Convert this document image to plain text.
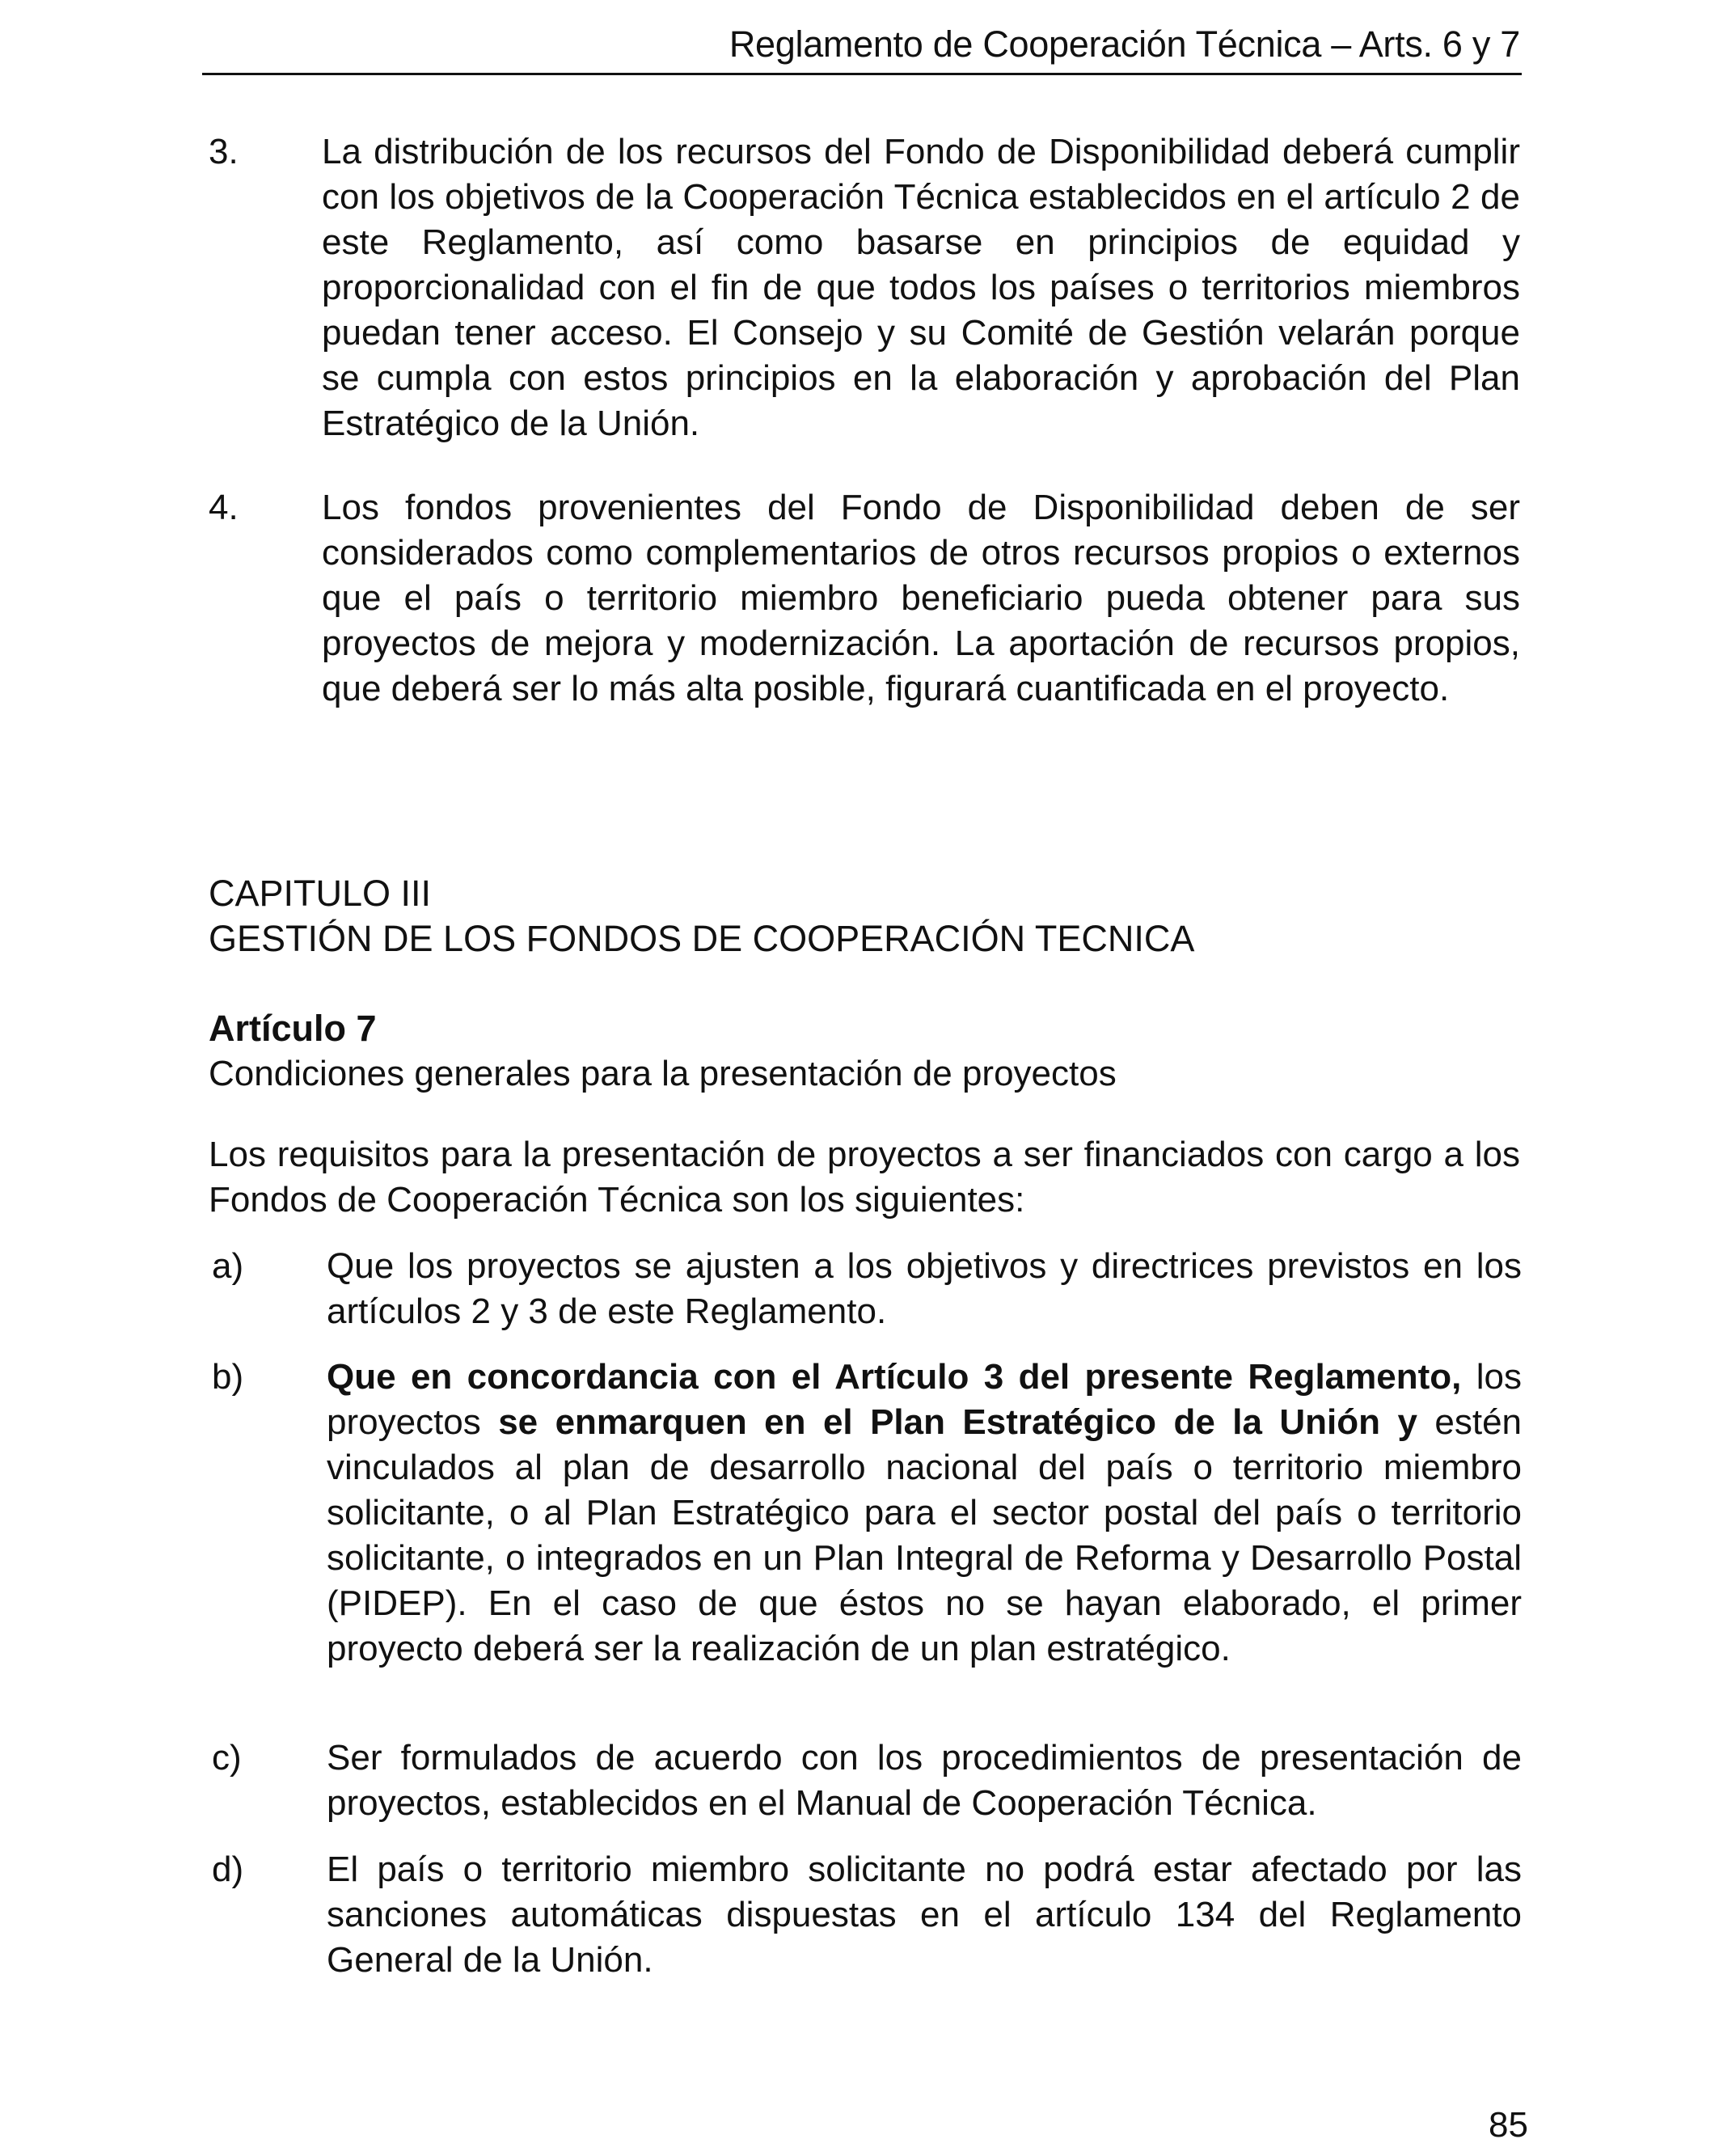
Reglamento de Cooperación Técnica – Arts. 6 y 7
3. La distribución de los recursos del Fondo de Disponibilidad deberá cumplir con los objetivos de la Cooperación Técnica establecidos en el artículo 2 de este Reglamento, así como basarse en principios de equidad y proporcionalidad con el fin de que todos los países o territorios miembros puedan tener acceso. El Consejo y su Comité de Gestión velarán porque se cumpla con estos principios en la elaboración y aprobación del Plan Estratégico de la Unión.
4. Los fondos provenientes del Fondo de Disponibilidad deben de ser considerados como complementarios de otros recursos propios o externos que el país o territorio miembro beneficiario pueda obtener para sus proyectos de mejora y modernización. La aportación de recursos propios, que deberá ser lo más alta posible, figurará cuantificada en el proyecto.
CAPITULO III
GESTIÓN DE LOS FONDOS DE COOPERACIÓN TECNICA
Artículo 7
Condiciones generales para la presentación de proyectos
Los requisitos para la presentación de proyectos a ser financiados con cargo a los Fondos de Cooperación Técnica son los siguientes:
a) Que los proyectos se ajusten a los objetivos y directrices previstos en los artículos 2 y 3 de este Reglamento.
b) Que en concordancia con el Artículo 3 del presente Reglamento, los proyectos se enmarquen en el Plan Estratégico de la Unión y estén vinculados al plan de desarrollo nacional del país o territorio miembro solicitante, o al Plan Estratégico para el sector postal del país o territorio solicitante, o integrados en un Plan Integral de Reforma y Desarrollo Postal (PIDEP). En el caso de que éstos no se hayan elaborado, el primer proyecto deberá ser la realización de un plan estratégico.
c) Ser formulados de acuerdo con los procedimientos de presentación de proyectos, establecidos en el Manual de Cooperación Técnica.
d) El país o territorio miembro solicitante no podrá estar afectado por las sanciones automáticas dispuestas en el artículo 134 del Reglamento General de la Unión.
85
